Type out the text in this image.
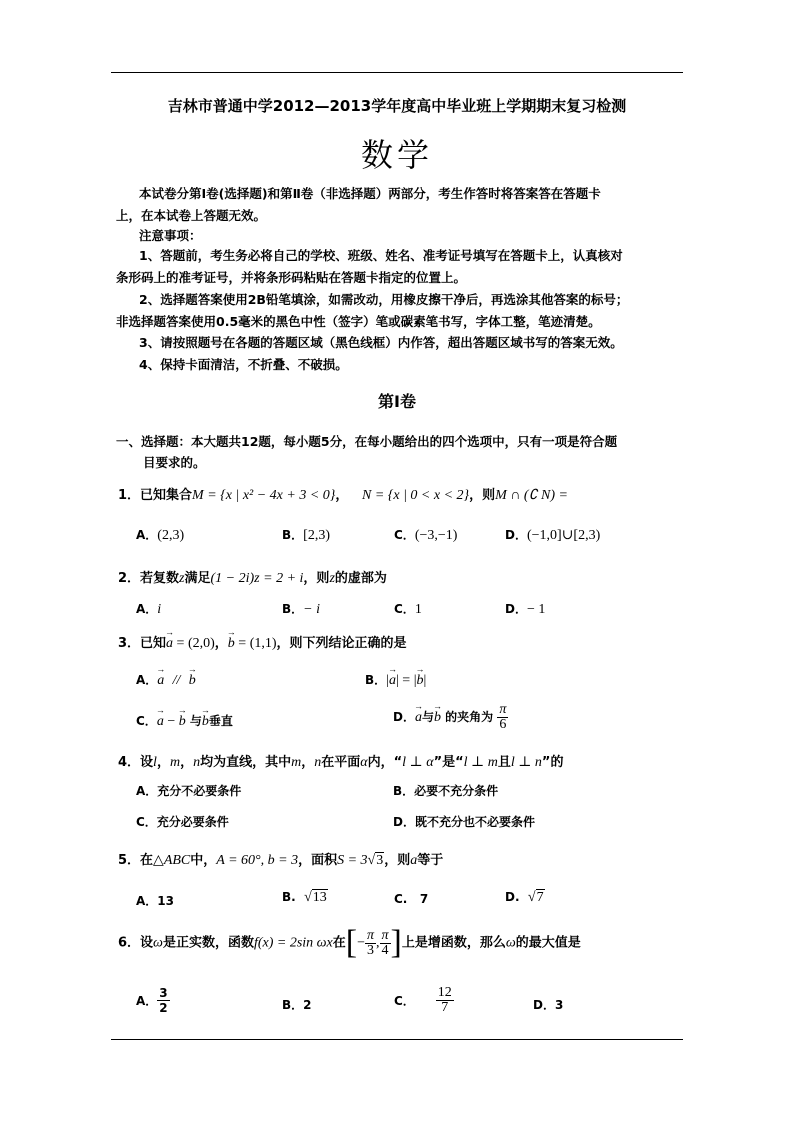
吉林市普通中学2012—2013学年度高中毕业班上学期期末复习检测
数学
本试卷分第Ⅰ卷(选择题)和第Ⅱ卷（非选择题）两部分，考生作答时将答案答在答题卡
上，在本试卷上答题无效。
注意事项：
1、答题前，考生务必将自己的学校、班级、姓名、准考证号填写在答题卡上，认真核对
条形码上的准考证号，并将条形码粘贴在答题卡指定的位置上。
2、选择题答案使用2B铅笔填涂，如需改动，用橡皮擦干净后，再选涂其他答案的标号；
非选择题答案使用0.5毫米的黑色中性（签字）笔或碳素笔书写，字体工整，笔迹清楚。
3、请按照题号在各题的答题区域（黑色线框）内作答，超出答题区域书写的答案无效。
4、保持卡面清洁，不折叠、不破损。
第Ⅰ卷
一、选择题：本大题共12题，每小题5分，在每小题给出的四个选项中，只有一项是符合题
目要求的。
1．已知集合M = {x | x² − 4x + 3 < 0}， N = {x | 0 < x < 2}，则M ∩ (∁ N) =
A．(2,3)	B．[2,3)	C．(−3,−1)	D．(−1,0]∪[2,3)
2．若复数z满足(1 − 2i)z = 2 + i，则z的虚部为
A．i	B．− i	C．1	D．− 1
3．已知→ a = (2,0)，→ b = (1,1)，则下列结论正确的是
A．→ a //  → b	B．|→ a| = |→ b|
C．→ a − → b 与→ b垂直	D．→ a与→ b 的夹角为 $\frac{\pi}{6}$
4．设l，m，n均为直线，其中m，n在平面α内，“l ⊥ α”是“l ⊥ m且l ⊥ n”的
A．充分不必要条件	B．必要不充分条件
C．充分必要条件	D．既不充分也不必要条件
5．在△ABC中，A = 60°, b = 3，面积S = 3√3，则a等于
A．13	B. √13	C. 7	D. √7
6．设ω是正实数，函数f(x) = 2sin ωx在[− $\frac{\pi}{3}$ , $\frac{\pi}{4}$ ]上是增函数，那么ω的最大值是
A． $\frac{3}{2}$	B．2	C． $\frac{12}{7}$	D．3
